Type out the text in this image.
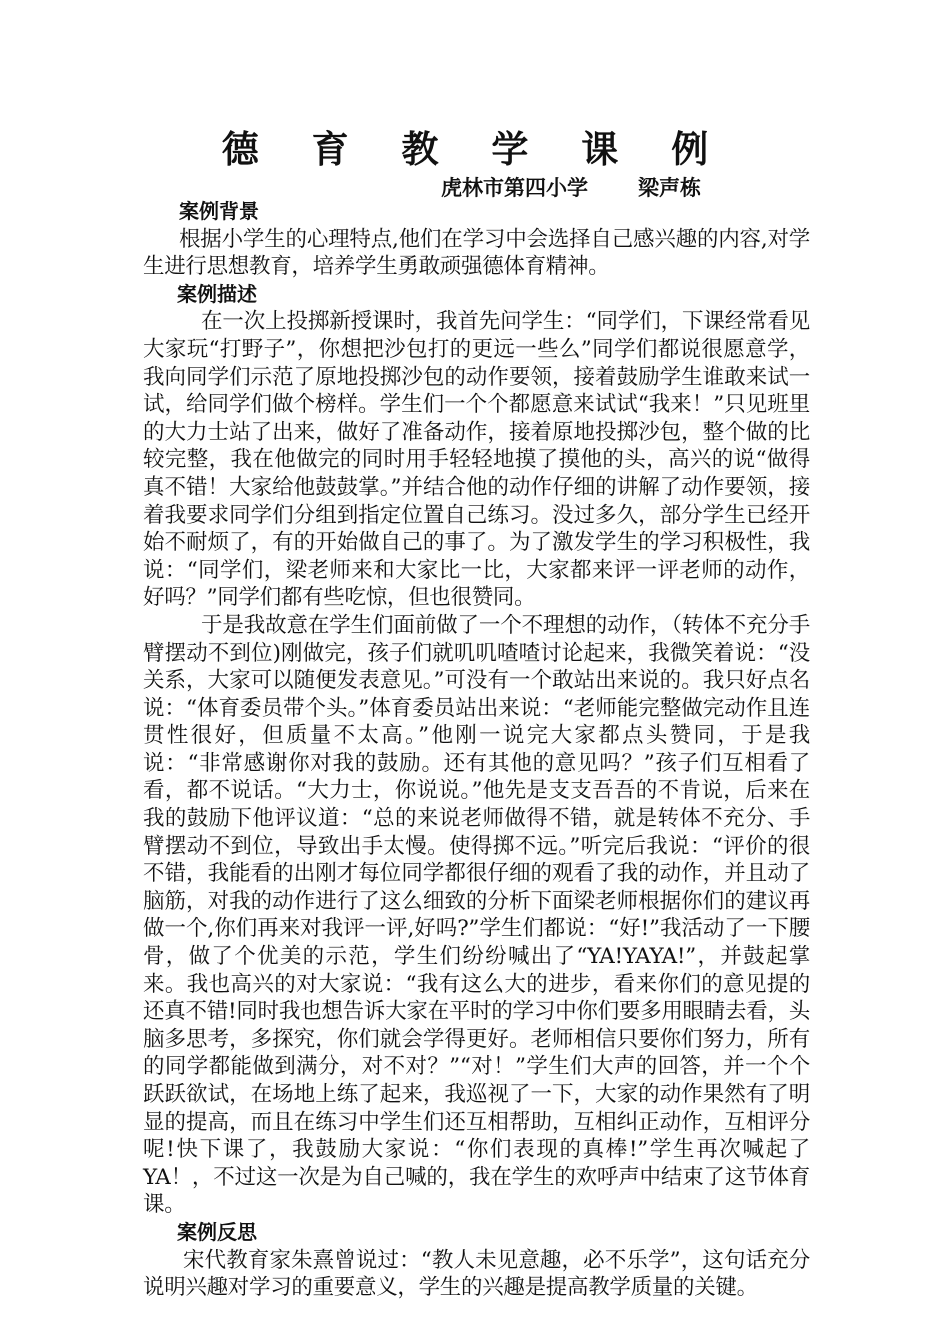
德 育 教 学 课 例
虎林市第四小学 梁声栋
案例背景

根据小学生的心理特点,他们在学习中会选择自己感兴趣的内容,对学生进行思想教育，培养学生勇敢顽强德体育精神。

案例描述

在一次上投掷新授课时，我首先问学生：“同学们，下课经常看见大家玩“打野子”，你想把沙包打的更远一些么”同学们都说很愿意学，我向同学们示范了原地投掷沙包的动作要领，接着鼓励学生谁敢来试一试，给同学们做个榜样。学生们一个个都愿意来试试“我来！”只见班里的大力士站了出来，做好了准备动作，接着原地投掷沙包，整个做的比较完整，我在他做完的同时用手轻轻地摸了摸他的头，高兴的说“做得真不错！大家给他鼓鼓掌。”并结合他的动作仔细的讲解了动作要领，接着我要求同学们分组到指定位置自己练习。没过多久，部分学生已经开始不耐烦了，有的开始做自己的事了。为了激发学生的学习积极性，我说：“同学们，梁老师来和大家比一比，大家都来评一评老师的动作，好吗？”同学们都有些吃惊，但也很赞同。

于是我故意在学生们面前做了一个不理想的动作，（转体不充分手臂摆动不到位)刚做完，孩子们就叽叽喳喳讨论起来，我微笑着说：“没关系，大家可以随便发表意见。”可没有一个敢站出来说的。我只好点名说：“体育委员带个头。”体育委员站出来说：“老师能完整做完动作且连贯性很好，但质量不太高。”他刚一说完大家都点头赞同，于是我说：“非常感谢你对我的鼓励。还有其他的意见吗？”孩子们互相看了看，都不说话。“大力士，你说说。”他先是支支吾吾的不肯说，后来在我的鼓励下他评议道：“总的来说老师做得不错，就是转体不充分、手臂摆动不到位，导致出手太慢。使得掷不远。”听完后我说：“评价的很不错，我能看的出刚才每位同学都很仔细的观看了我的动作，并且动了脑筋，对我的动作进行了这么细致的分析下面梁老师根据你们的建议再做一个,你们再来对我评一评,好吗?”学生们都说：“好!”我活动了一下腰骨，做了个优美的示范，学生们纷纷喊出了“YA!YAYA!”，并鼓起掌来。我也高兴的对大家说：“我有这么大的进步，看来你们的意见提的还真不错!同时我也想告诉大家在平时的学习中你们要多用眼睛去看，头脑多思考，多探究，你们就会学得更好。老师相信只要你们努力，所有的同学都能做到满分，对不对？”“对！”学生们大声的回答，并一个个跃跃欲试，在场地上练了起来，我巡视了一下，大家的动作果然有了明显的提高，而且在练习中学生们还互相帮助，互相纠正动作，互相评分呢!快下课了，我鼓励大家说：“你们表现的真棒!”学生再次喊起了YA！，不过这一次是为自己喊的，我在学生的欢呼声中结束了这节体育课。

案例反思

宋代教育家朱熹曾说过：“教人未见意趣，必不乐学”，这句话充分说明兴趣对学习的重要意义，学生的兴趣是提高教学质量的关键。
